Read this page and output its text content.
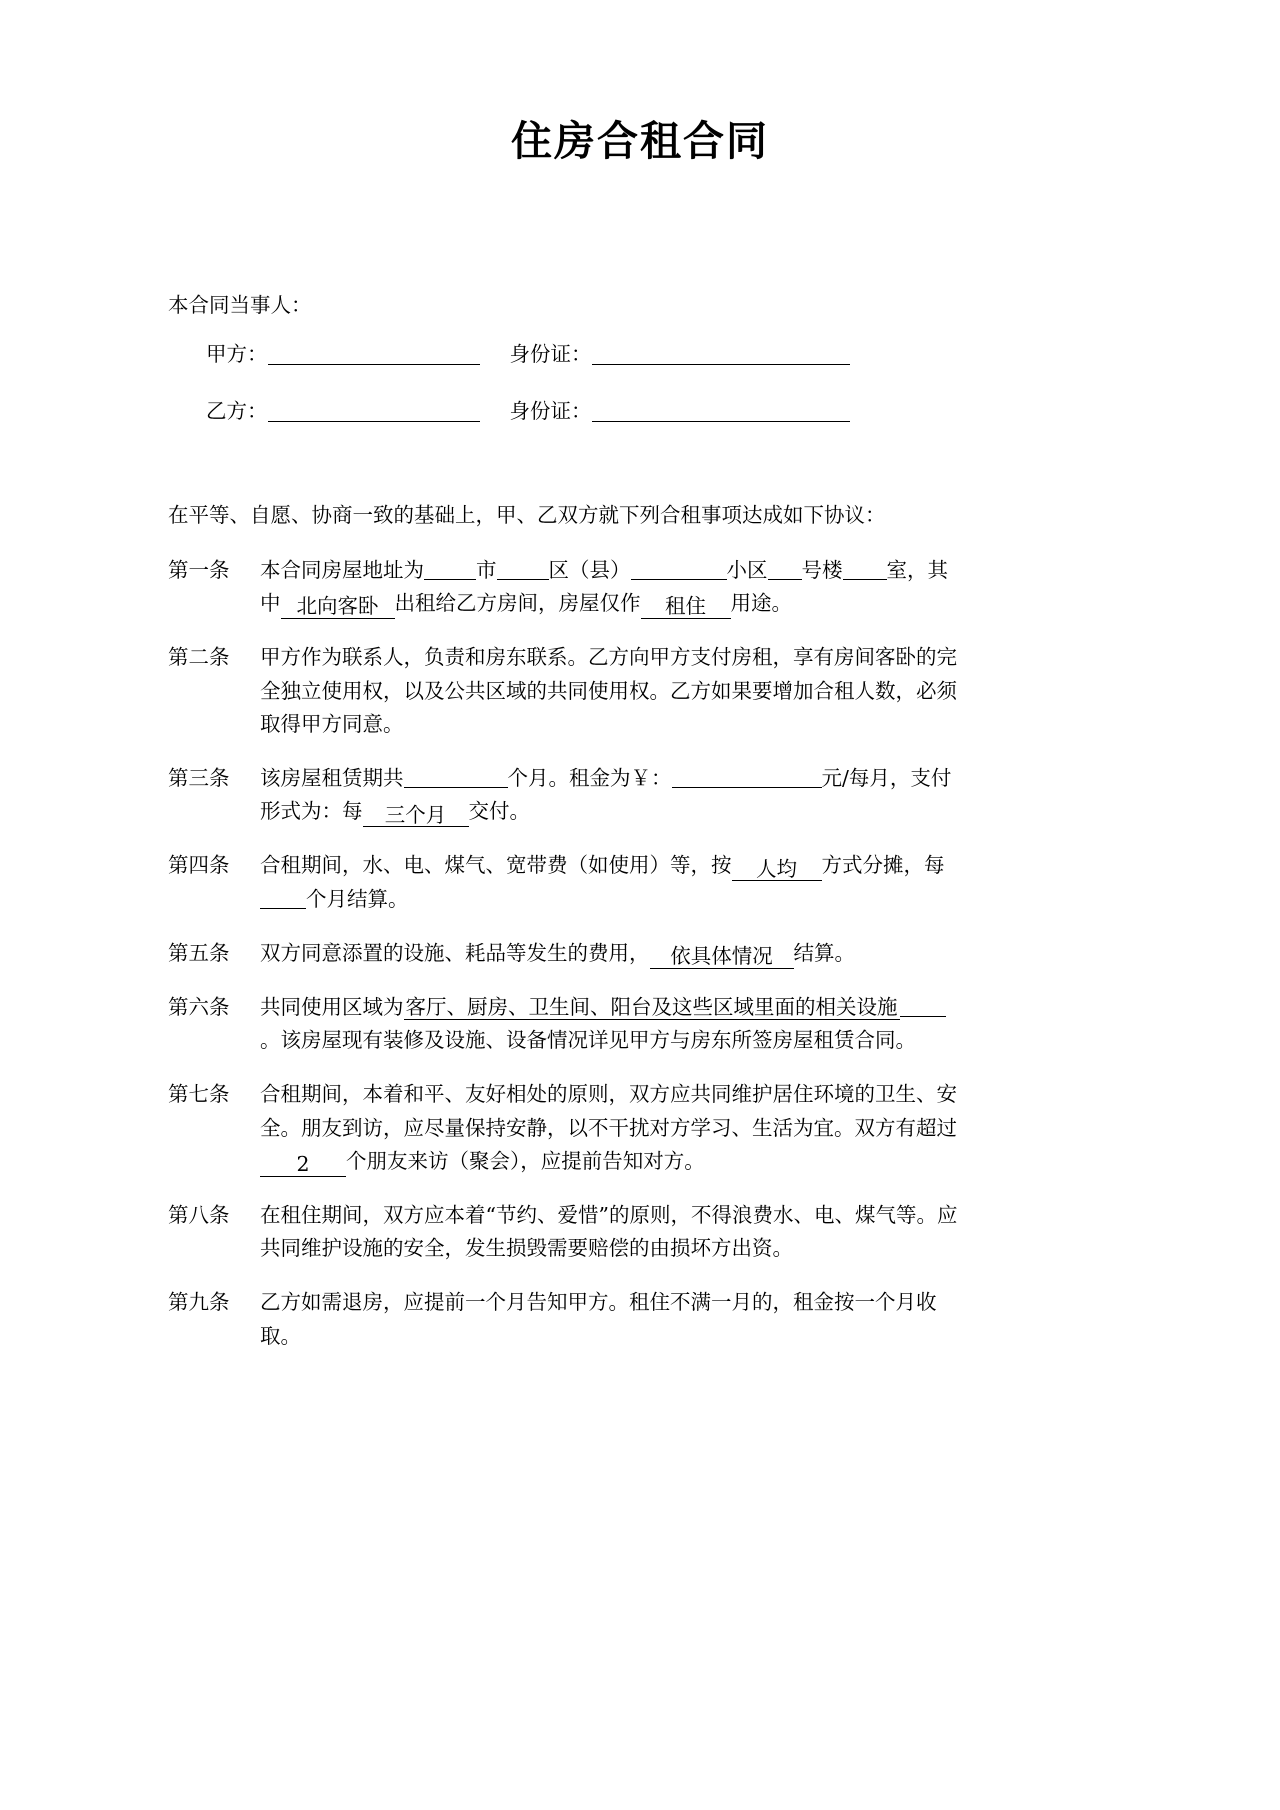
住房合租合同
本合同当事人：
甲方：	身份证：
乙方：	身份证：
在平等、自愿、协商一致的基础上，甲、乙双方就下列合租事项达成如下协议：
第一条	本合同房屋地址为	市	区（县）	小区 号楼 室，其中 北向客卧 出租给乙方房间，房屋仅作 租住 用途。
第二条	甲方作为联系人，负责和房东联系。乙方向甲方支付房租，享有房间客卧的完全独立使用权，以及公共区域的共同使用权。乙方如果要增加合租人数，必须取得甲方同意。
第三条	该房屋租赁期共	个月。租金为￥：	元/每月，支付形式为：每 三个月 交付。
第四条	合租期间，水、电、煤气、宽带费（如使用）等，按 人均 方式分摊，每个月结算。
第五条	双方同意添置的设施、耗品等发生的费用， 依具体情况 结算。
第六条	共同使用区域为客厅、厨房、卫生间、阳台及这些区域里面的相关设施。该房屋现有装修及设施、设备情况详见甲方与房东所签房屋租赁合同。
第七条	合租期间，本着和平、友好相处的原则，双方应共同维护居住环境的卫生、安全。朋友到访，应尽量保持安静，以不干扰对方学习、生活为宜。双方有超过2 个朋友来访（聚会），应提前告知对方。
第八条	在租住期间，双方应本着“节约、爱惜”的原则，不得浪费水、电、煤气等。应共同维护设施的安全，发生损毁需要赔偿的由损坏方出资。
第九条	乙方如需退房，应提前一个月告知甲方。租住不满一月的，租金按一个月收取。
